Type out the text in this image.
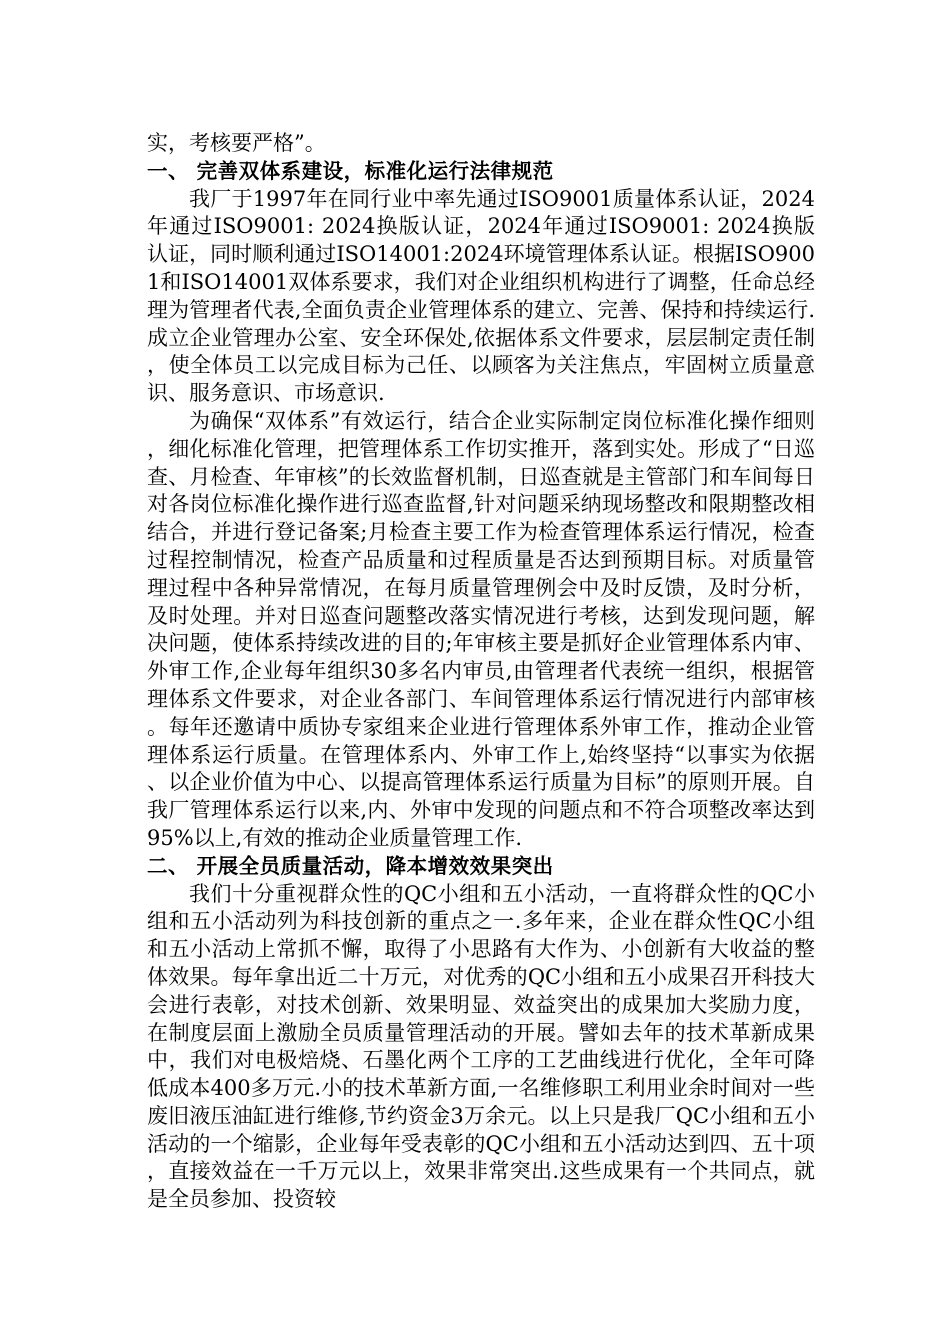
实，考核要严格”。

一、 完善双体系建设，标准化运行法律规范

我厂于1997年在同行业中率先通过ISO9001质量体系认证，2024年通过ISO9001: 2024换版认证，2024年通过ISO9001: 2024换版认证，同时顺利通过ISO14001:2024环境管理体系认证。根据ISO9001和ISO14001双体系要求，我们对企业组织机构进行了调整，任命总经理为管理者代表,全面负责企业管理体系的建立、完善、保持和持续运行.成立企业管理办公室、安全环保处,依据体系文件要求，层层制定责任制，使全体员工以完成目标为己任、以顾客为关注焦点，牢固树立质量意识、服务意识、市场意识.

为确保“双体系”有效运行，结合企业实际制定岗位标准化操作细则，细化标准化管理，把管理体系工作切实推开，落到实处。形成了“日巡查、月检查、年审核”的长效监督机制，日巡查就是主管部门和车间每日对各岗位标准化操作进行巡查监督,针对问题采纳现场整改和限期整改相结合，并进行登记备案;月检查主要工作为检查管理体系运行情况，检查过程控制情况，检查产品质量和过程质量是否达到预期目标。对质量管理过程中各种异常情况，在每月质量管理例会中及时反馈，及时分析，及时处理。并对日巡查问题整改落实情况进行考核，达到发现问题，解决问题，使体系持续改进的目的;年审核主要是抓好企业管理体系内审、外审工作,企业每年组织30多名内审员,由管理者代表统一组织，根据管理体系文件要求，对企业各部门、车间管理体系运行情况进行内部审核。每年还邀请中质协专家组来企业进行管理体系外审工作，推动企业管理体系运行质量。在管理体系内、外审工作上,始终坚持“以事实为依据、以企业价值为中心、以提高管理体系运行质量为目标”的原则开展。自我厂管理体系运行以来,内、外审中发现的问题点和不符合项整改率达到95%以上,有效的推动企业质量管理工作.

二、 开展全员质量活动，降本增效效果突出

我们十分重视群众性的QC小组和五小活动，一直将群众性的QC小组和五小活动列为科技创新的重点之一.多年来，企业在群众性QC小组和五小活动上常抓不懈，取得了小思路有大作为、小创新有大收益的整体效果。每年拿出近二十万元，对优秀的QC小组和五小成果召开科技大会进行表彰，对技术创新、效果明显、效益突出的成果加大奖励力度，在制度层面上激励全员质量管理活动的开展。譬如去年的技术革新成果中，我们对电极焙烧、石墨化两个工序的工艺曲线进行优化，全年可降低成本400多万元.小的技术革新方面,一名维修职工利用业余时间对一些废旧液压油缸进行维修,节约资金3万余元。以上只是我厂QC小组和五小活动的一个缩影，企业每年受表彰的QC小组和五小活动达到四、五十项，直接效益在一千万元以上，效果非常突出.这些成果有一个共同点，就是全员参加、投资较
